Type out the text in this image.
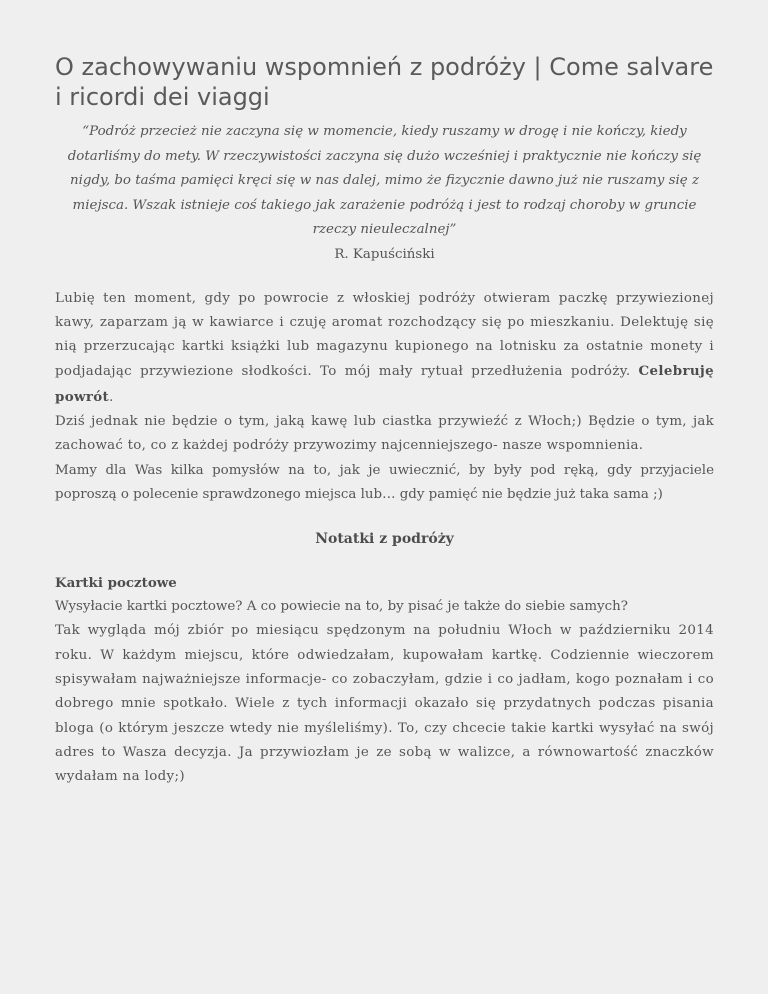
O zachowywaniu wspomnień z podróży | Come salvare i ricordi dei viaggi

“Podróż przecież nie zaczyna się w momencie, kiedy ruszamy w drogę i nie kończy, kiedy dotarliśmy do mety. W rzeczywistości zaczyna się dużo wcześniej i praktycznie nie kończy się nigdy, bo taśma pamięci kręci się w nas dalej, mimo że fizycznie dawno już nie ruszamy się z miejsca. Wszak istnieje coś takiego jak zarażenie podróżą i jest to rodzaj choroby w gruncie rzeczy nieuleczalnej”

R. Kapuściński

Lubię ten moment, gdy po powrocie z włoskiej podróży otwieram paczkę przywiezionej kawy, zaparzam ją w kawiarce i czuję aromat rozchodzący się po mieszkaniu. Delektuję się nią przerzucając kartki książki lub magazynu kupionego na lotnisku za ostatnie monety i podjadając przywiezione słodkości. To mój mały rytuał przedłużenia podróży. Celebruję powrót.

Dziś jednak nie będzie o tym, jaką kawę lub ciastka przywieźć z Włoch;) Będzie o tym, jak zachować to, co z każdej podróży przywozimy najcenniejszego- nasze wspomnienia.

Mamy dla Was kilka pomysłów na to, jak je uwiecznić, by były pod ręką, gdy przyjaciele poproszą o polecenie sprawdzonego miejsca lub… gdy pamięć nie będzie już taka sama ;)

Notatki z podróży
Kartki pocztowe

Wysyłacie kartki pocztowe? A co powiecie na to, by pisać je także do siebie samych?

Tak wygląda mój zbiór po miesiącu spędzonym na południu Włoch w październiku 2014 roku. W każdym miejscu, które odwiedzałam, kupowałam kartkę. Codziennie wieczorem spisywałam najważniejsze informacje- co zobaczyłam, gdzie i co jadłam, kogo poznałam i co dobrego mnie spotkało. Wiele z tych informacji okazało się przydatnych podczas pisania bloga (o którym jeszcze wtedy nie myśleliśmy). To, czy chcecie takie kartki wysyłać na swój adres to Wasza decyzja. Ja przywiozłam je ze sobą w walizce, a równowartość znaczków wydałam na lody;)
